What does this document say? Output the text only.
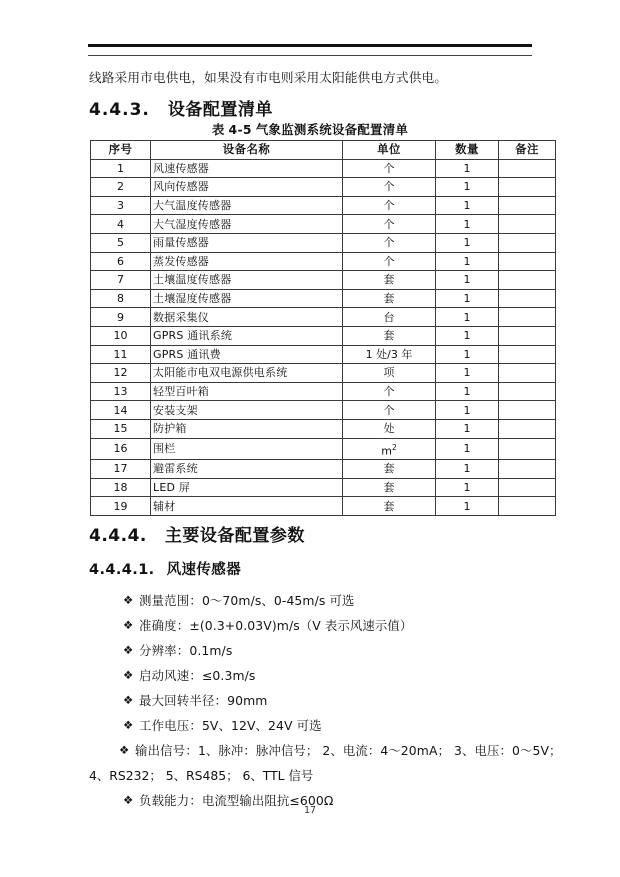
线路采用市电供电，如果没有市电则采用太阳能供电方式供电。
4.4.3. 设备配置清单
表 4-5 气象监测系统设备配置清单
序号	设备名称	单位	数量	备注
1	风速传感器	个	1	
2	风向传感器	个	1	
3	大气温度传感器	个	1	
4	大气湿度传感器	个	1	
5	雨量传感器	个	1	
6	蒸发传感器	个	1	
7	土壤温度传感器	套	1	
8	土壤湿度传感器	套	1	
9	数据采集仪	台	1	
10	GPRS 通讯系统	套	1	
11	GPRS 通讯费	1 处/3 年	1	
12	太阳能市电双电源供电系统	项	1	
13	轻型百叶箱	个	1	
14	安装支架	个	1	
15	防护箱	处	1	
16	围栏	$m^2$	1	
17	避雷系统	套	1	
18	LED 屏	套	1	
19	辅材	套	1	
4.4.4. 主要设备配置参数
4.4.4.1. 风速传感器
❖ 测量范围：0～70m/s、0-45m/s 可选
❖ 准确度：±(0.3+0.03V)m/s（V 表示风速示值）
❖ 分辨率：0.1m/s
❖ 启动风速：≤0.3m/s
❖ 最大回转半径：90mm
❖ 工作电压：5V、12V、24V 可选
❖ 输出信号：1、脉冲：脉冲信号； 2、电流：4～20mA； 3、电压：0～5V；
4、RS232； 5、RS485； 6、TTL 信号
❖ 负载能力：电流型输出阻抗≤600Ω
17
